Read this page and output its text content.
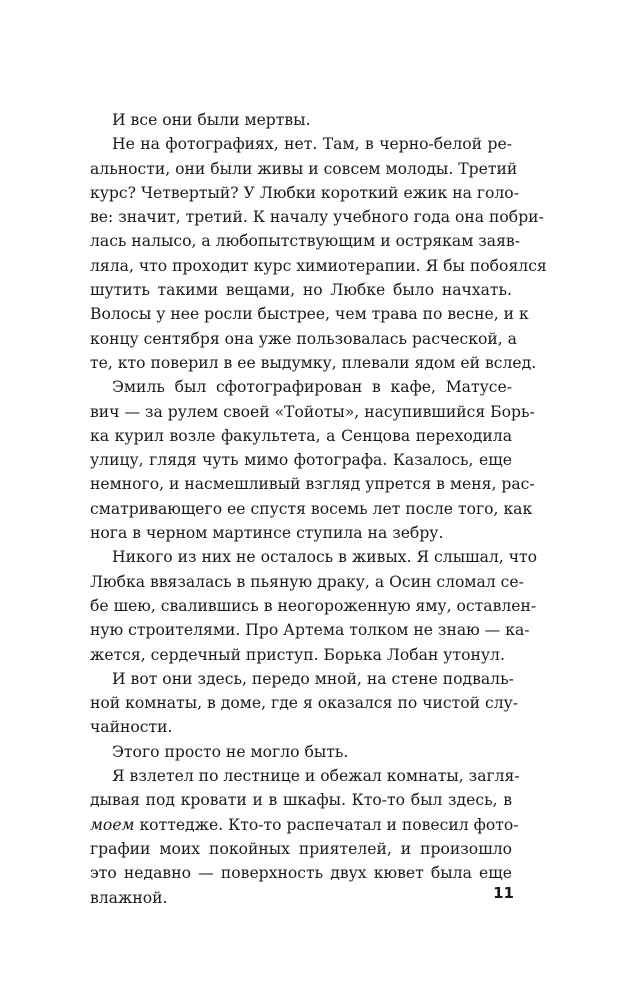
И все они были мертвы.
Не на фотографиях, нет. Там, в черно-белой ре-
альности, они были живы и совсем молоды. Третий
курс? Четвертый? У Любки короткий ежик на голо-
ве: значит, третий. К началу учебного года она побри-
лась налысо, а любопытствующим и острякам заяв-
ляла, что проходит курс химиотерапии. Я бы побоялся
шутить такими вещами, но Любке было начхать.
Волосы у нее росли быстрее, чем трава по весне, и к
концу сентября она уже пользовалась расческой, а
те, кто поверил в ее выдумку, плевали ядом ей вслед.
Эмиль был сфотографирован в кафе, Матусе-
вич — за рулем своей «Тойоты», насупившийся Борь-
ка курил возле факультета, а Сенцова переходила
улицу, глядя чуть мимо фотографа. Казалось, еще
немного, и насмешливый взгляд упрется в меня, рас-
сматривающего ее спустя восемь лет после того, как
нога в черном мартинсе ступила на зебру.
Никого из них не осталось в живых. Я слышал, что
Любка ввязалась в пьяную драку, а Осин сломал се-
бе шею, свалившись в неогороженную яму, оставлен-
ную строителями. Про Артема толком не знаю — ка-
жется, сердечный приступ. Борька Лобан утонул.
И вот они здесь, передо мной, на стене подваль-
ной комнаты, в доме, где я оказался по чистой слу-
чайности.
Этого просто не могло быть.
Я взлетел по лестнице и обежал комнаты, загля-
дывая под кровати и в шкафы. Кто-то был здесь, в
моем коттедже. Кто-то распечатал и повесил фото-
графии моих покойных приятелей, и произошло
это недавно — поверхность двух кювет была еще
влажной.	11
